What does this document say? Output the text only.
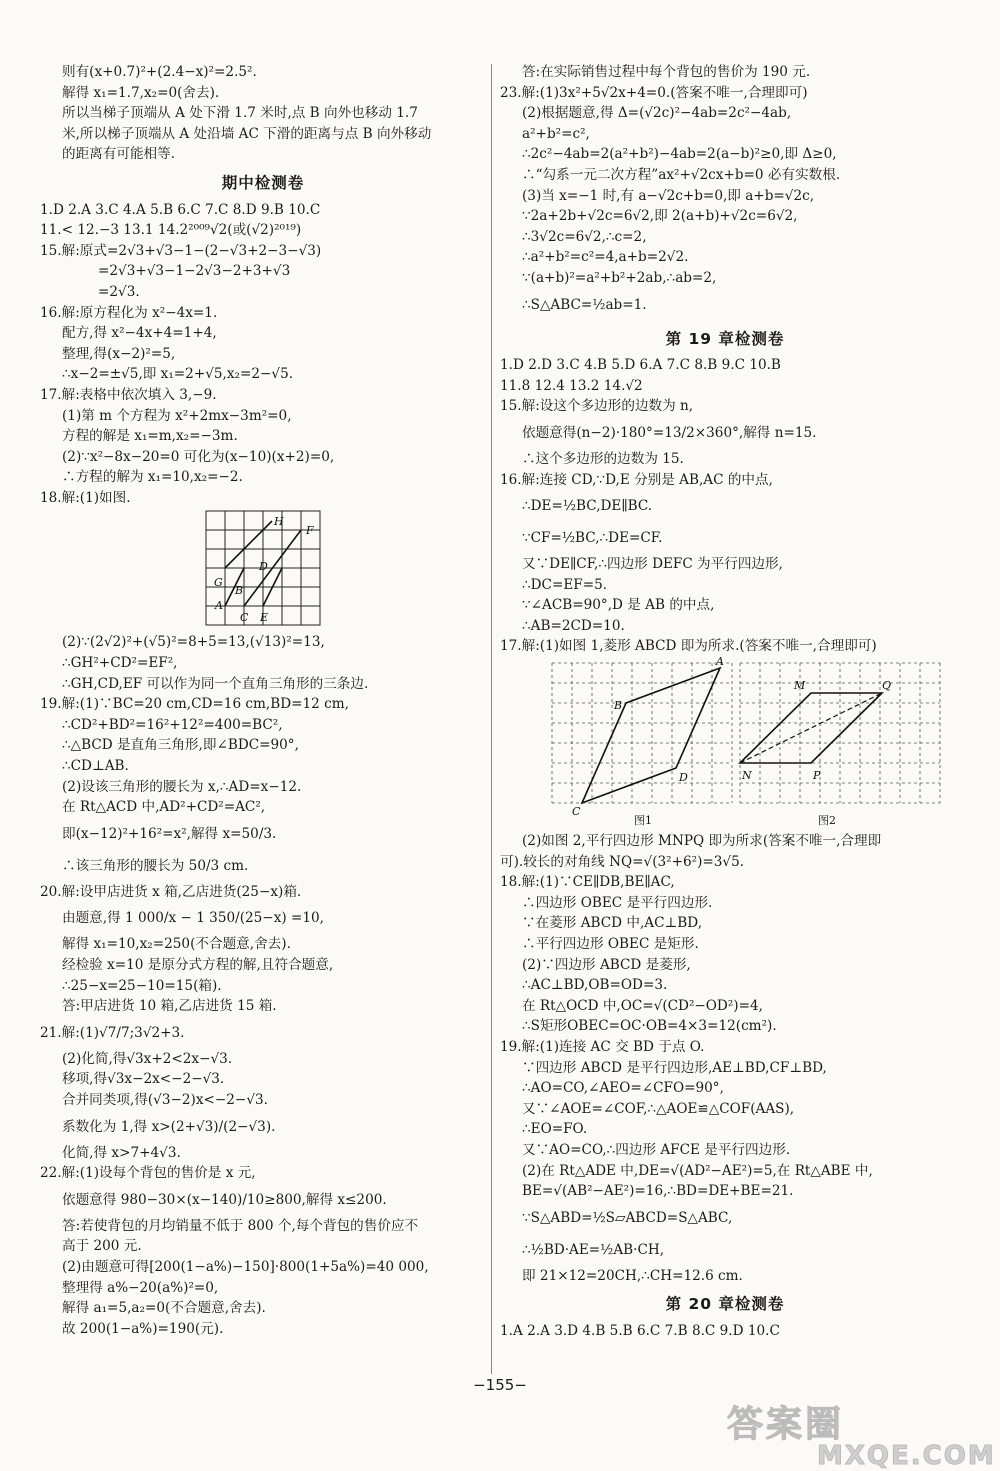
则有(x+0.7)²+(2.4−x)²=2.5².
解得 x₁=1.7,x₂=0(舍去).
所以当梯子顶端从 A 处下滑 1.7 米时,点 B 向外也移动 1.7
米,所以梯子顶端从 A 处沿墙 AC 下滑的距离与点 B 向外移动
的距离有可能相等.
期中检测卷
1.D 2.A 3.C 4.A 5.B 6.C 7.C 8.D 9.B 10.C
11.< 12.−3 13.1 14.2²⁰⁰⁹√2(或(√2)²⁰¹⁹)
15.解:原式=2√3+√3−1−(2−√3+2−3−√3)
=2√3+√3−1−2√3−2+3+√3
=2√3.
16.解:原方程化为 x²−4x=1.
配方,得 x²−4x+4=1+4,
整理,得(x−2)²=5,
∴x−2=±√5,即 x₁=2+√5,x₂=2−√5.
17.解:表格中依次填入 3,−9.
(1)第 m 个方程为 x²+2mx−3m²=0,
方程的解是 x₁=m,x₂=−3m.
(2)∵x²−8x−20=0 可化为(x−10)(x+2)=0,
∴方程的解为 x₁=10,x₂=−2.
18.解:(1)如图.
H
F
D
G
B
A
C E
(2)∵(2√2)²+(√5)²=8+5=13,(√13)²=13,
∴GH²+CD²=EF²,
∴GH,CD,EF 可以作为同一个直角三角形的三条边.
19.解:(1)∵BC=20 cm,CD=16 cm,BD=12 cm,
∴CD²+BD²=16²+12²=400=BC²,
∴△BCD 是直角三角形,即∠BDC=90°,
∴CD⊥AB.
(2)设该三角形的腰长为 x,∴AD=x−12.
在 Rt△ACD 中,AD²+CD²=AC²,
即(x−12)²+16²=x²,解得 x=50/3.
∴该三角形的腰长为 50/3 cm.
20.解:设甲店进货 x 箱,乙店进货(25−x)箱.
由题意,得 1 000/x − 1 350/(25−x) =10,
解得 x₁=10,x₂=250(不合题意,舍去).
经检验 x=10 是原分式方程的解,且符合题意,
∴25−x=25−10=15(箱).
答:甲店进货 10 箱,乙店进货 15 箱.
21.解:(1)√7/7;3√2+3.
(2)化简,得√3x+2<2x−√3.
移项,得√3x−2x<−2−√3.
合并同类项,得(√3−2)x<−2−√3.
系数化为 1,得 x>(2+√3)/(2−√3).
化简,得 x>7+4√3.
22.解:(1)设每个背包的售价是 x 元,
依题意得 980−30×(x−140)/10≥800,解得 x≤200.
答:若使背包的月均销量不低于 800 个,每个背包的售价应不
高于 200 元.
(2)由题意可得[200(1−a%)−150]·800(1+5a%)=40 000,
整理得 a%−20(a%)²=0,
解得 a₁=5,a₂=0(不合题意,舍去).
故 200(1−a%)=190(元).
答:在实际销售过程中每个背包的售价为 190 元.
23.解:(1)3x²+5√2x+4=0.(答案不唯一,合理即可)
(2)根据题意,得 Δ=(√2c)²−4ab=2c²−4ab,
a²+b²=c²,
∴2c²−4ab=2(a²+b²)−4ab=2(a−b)²≥0,即 Δ≥0,
∴“勾系一元二次方程”ax²+√2cx+b=0 必有实数根.
(3)当 x=−1 时,有 a−√2c+b=0,即 a+b=√2c,
∵2a+2b+√2c=6√2,即 2(a+b)+√2c=6√2,
∴3√2c=6√2,∴c=2,
∴a²+b²=c²=4,a+b=2√2.
∵(a+b)²=a²+b²+2ab,∴ab=2,
∴S△ABC=½ab=1.
第 19 章检测卷
1.D 2.D 3.C 4.B 5.D 6.A 7.C 8.B 9.C 10.B
11.8 12.4 13.2 14.√2
15.解:设这个多边形的边数为 n,
依题意得(n−2)·180°=13/2×360°,解得 n=15.
∴这个多边形的边数为 15.
16.解:连接 CD,∵D,E 分别是 AB,AC 的中点,
∴DE=½BC,DE∥BC.
∵CF=½BC,∴DE=CF.
又∵DE∥CF,∴四边形 DEFC 为平行四边形,
∴DC=EF=5.
∵∠ACB=90°,D 是 AB 的中点,
∴AB=2CD=10.
17.解:(1)如图 1,菱形 ABCD 即为所求.(答案不唯一,合理即可)
A
B
D
C
M	Q
N	P
图1	图2
(2)如图 2,平行四边形 MNPQ 即为所求(答案不唯一,合理即
可).较长的对角线 NQ=√(3²+6²)=3√5.
18.解:(1)∵CE∥DB,BE∥AC,
∴四边形 OBEC 是平行四边形.
∵在菱形 ABCD 中,AC⊥BD,
∴平行四边形 OBEC 是矩形.
(2)∵四边形 ABCD 是菱形,
∴AC⊥BD,OB=OD=3.
在 Rt△OCD 中,OC=√(CD²−OD²)=4,
∴S矩形OBEC=OC·OB=4×3=12(cm²).
19.解:(1)连接 AC 交 BD 于点 O.
∵四边形 ABCD 是平行四边形,AE⊥BD,CF⊥BD,
∴AO=CO,∠AEO=∠CFO=90°,
又∵∠AOE=∠COF,∴△AOE≌△COF(AAS),
∴EO=FO.
又∵AO=CO,∴四边形 AFCE 是平行四边形.
(2)在 Rt△ADE 中,DE=√(AD²−AE²)=5,在 Rt△ABE 中,
BE=√(AB²−AE²)=16,∴BD=DE+BE=21.
∵S△ABD=½S▱ABCD=S△ABC,
∴½BD·AE=½AB·CH,
即 21×12=20CH,∴CH=12.6 cm.
第 20 章检测卷
1.A 2.A 3.D 4.B 5.B 6.C 7.B 8.C 9.D 10.C
−155−
答案圈
MXQE.COM
